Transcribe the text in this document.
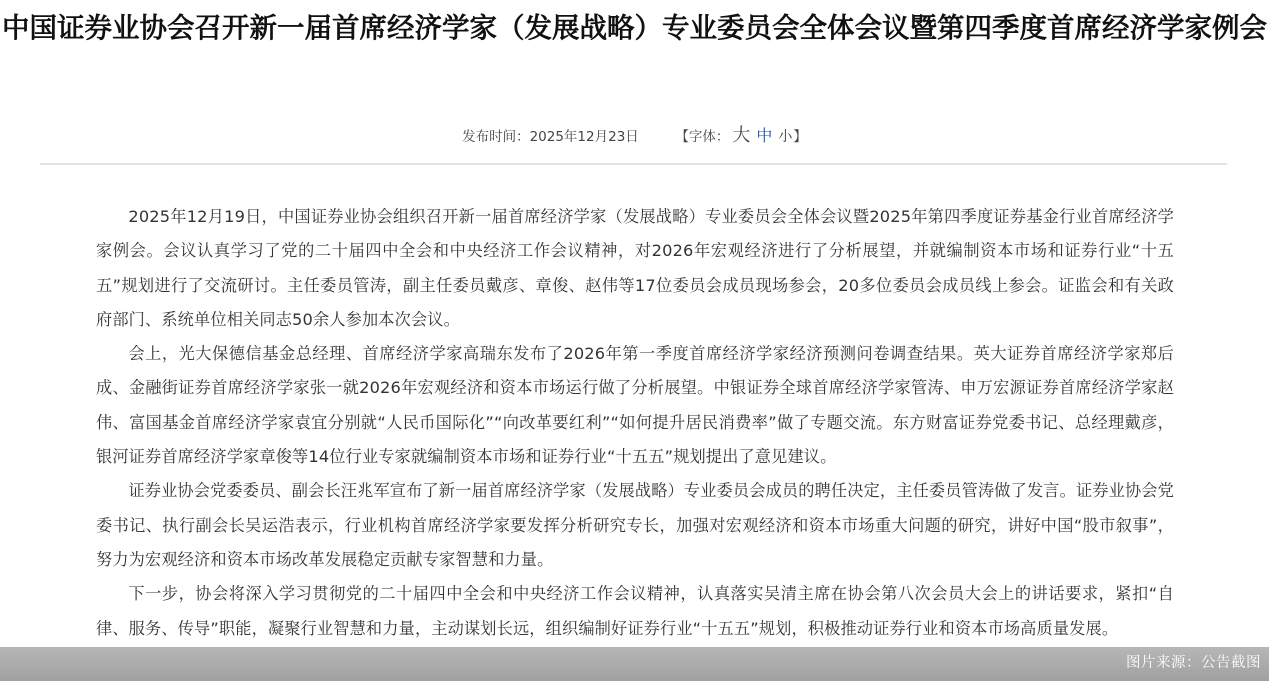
中国证券业协会召开新一届首席经济学家（发展战略）专业委员会全体会议暨第四季度首席经济学家例会
发布时间：2025年12月23日	【字体： 大 中 小】

2025年12月19日，中国证券业协会组织召开新一届首席经济学家（发展战略）专业委员会全体会议暨2025年第四季度证券基金行业首席经济学家例会。会议认真学习了党的二十届四中全会和中央经济工作会议精神，对2026年宏观经济进行了分析展望，并就编制资本市场和证券行业“十五五”规划进行了交流研讨。主任委员管涛，副主任委员戴彦、章俊、赵伟等17位委员会成员现场参会，20多位委员会成员线上参会。证监会和有关政府部门、系统单位相关同志50余人参加本次会议。

会上，光大保德信基金总经理、首席经济学家高瑞东发布了2026年第一季度首席经济学家经济预测问卷调查结果。英大证券首席经济学家郑后成、金融街证券首席经济学家张一就2026年宏观经济和资本市场运行做了分析展望。中银证券全球首席经济学家管涛、申万宏源证券首席经济学家赵伟、富国基金首席经济学家袁宜分别就“人民币国际化”“向改革要红利”“如何提升居民消费率”做了专题交流。东方财富证券党委书记、总经理戴彦，银河证券首席经济学家章俊等14位行业专家就编制资本市场和证券行业“十五五”规划提出了意见建议。

证券业协会党委委员、副会长汪兆军宣布了新一届首席经济学家（发展战略）专业委员会成员的聘任决定，主任委员管涛做了发言。证券业协会党委书记、执行副会长吴运浩表示，行业机构首席经济学家要发挥分析研究专长，加强对宏观经济和资本市场重大问题的研究，讲好中国“股市叙事”，努力为宏观经济和资本市场改革发展稳定贡献专家智慧和力量。

下一步，协会将深入学习贯彻党的二十届四中全会和中央经济工作会议精神，认真落实吴清主席在协会第八次会员大会上的讲话要求，紧扣“自律、服务、传导”职能，凝聚行业智慧和力量，主动谋划长远，组织编制好证券行业“十五五”规划，积极推动证券行业和资本市场高质量发展。

图片来源：公告截图
